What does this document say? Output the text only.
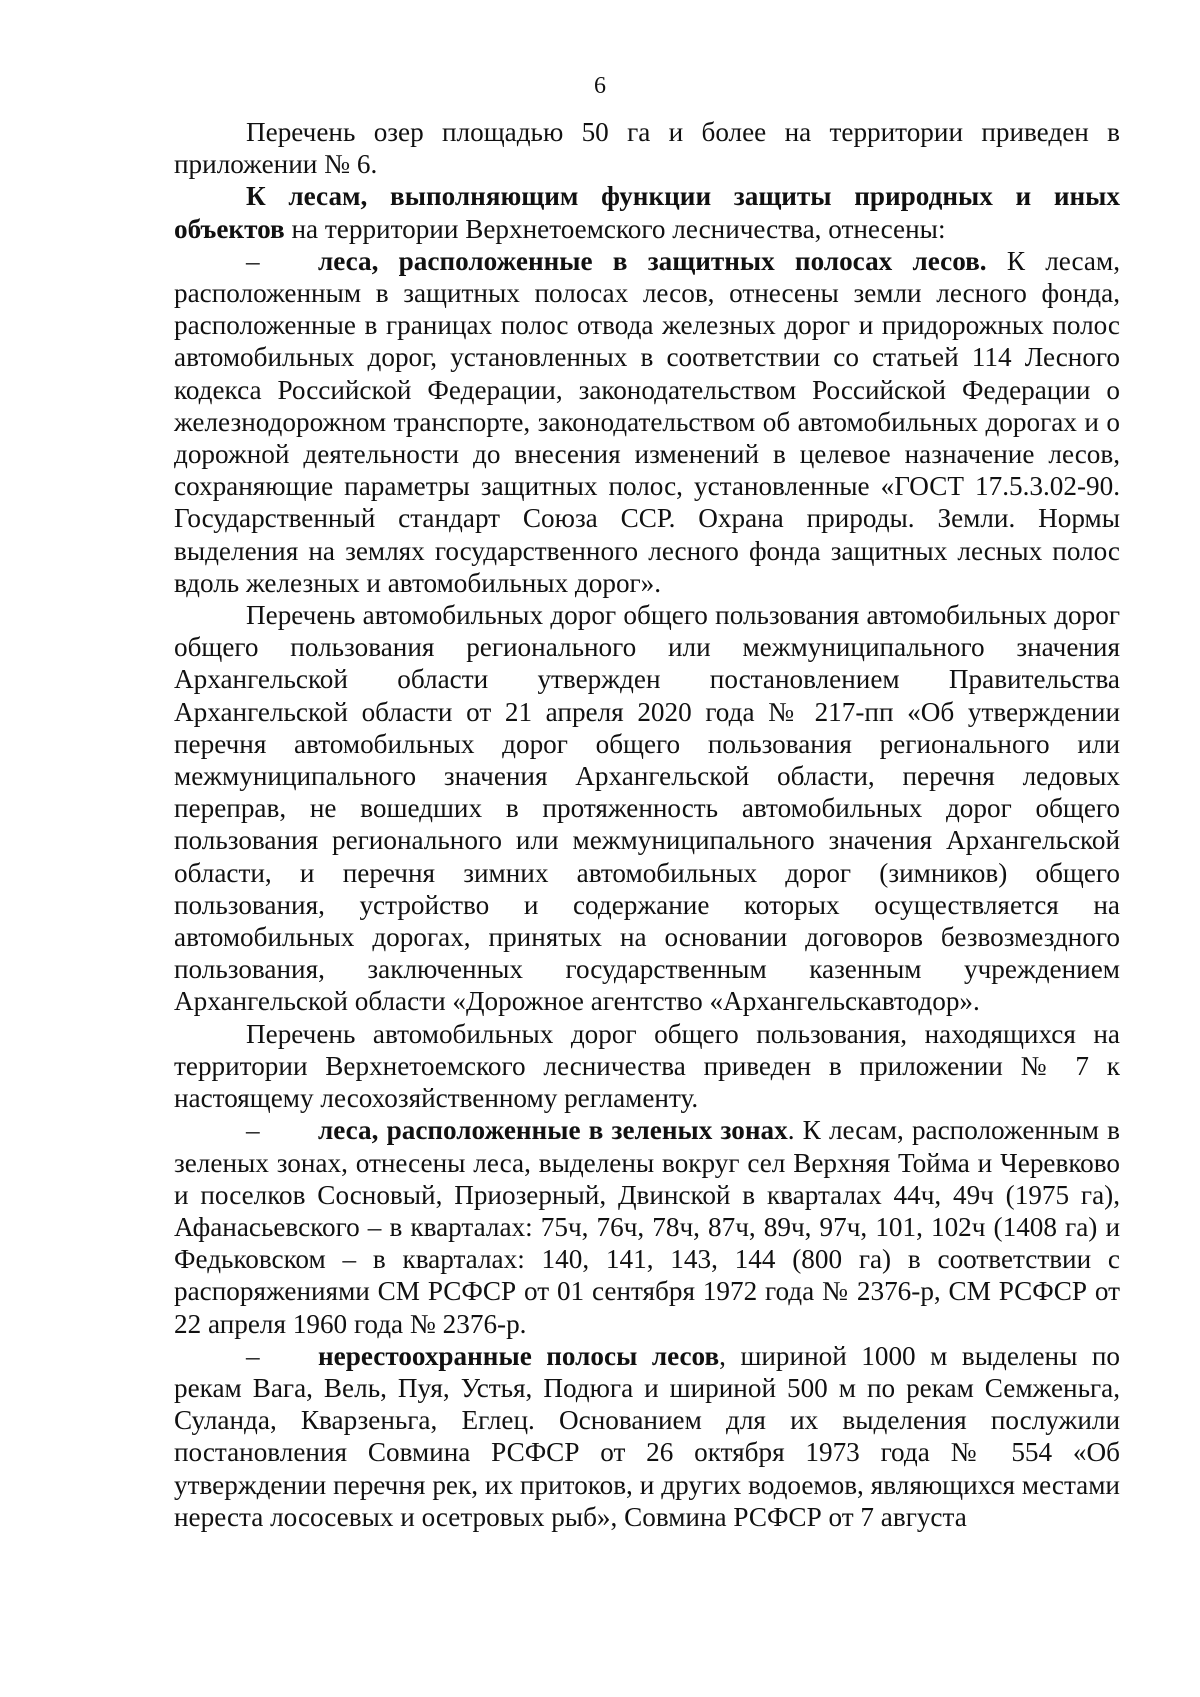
6

Перечень озер площадью 50 га и более на территории приведен в приложении № 6.

К лесам, выполняющим функции защиты природных и иных объектов на территории Верхнетоемского лесничества, отнесены:

– леса, расположенные в защитных полосах лесов. К лесам, расположенным в защитных полосах лесов, отнесены земли лесного фонда, расположенные в границах полос отвода железных дорог и придорожных полос автомобильных дорог, установленных в соответствии со статьей 114 Лесного кодекса Российской Федерации, законодательством Российской Федерации о железнодорожном транспорте, законодательством об автомобильных дорогах и о дорожной деятельности до внесения изменений в целевое назначение лесов, сохраняющие параметры защитных полос, установленные «ГОСТ 17.5.3.02-90. Государственный стандарт Союза ССР. Охрана природы. Земли. Нормы выделения на землях государственного лесного фонда защитных лесных полос вдоль железных и автомобильных дорог».

Перечень автомобильных дорог общего пользования автомобильных дорог общего пользования регионального или межмуниципального значения Архангельской области утвержден постановлением Правительства Архангельской области от 21 апреля 2020 года № 217-пп «Об утверждении перечня автомобильных дорог общего пользования регионального или межмуниципального значения Архангельской области, перечня ледовых переправ, не вошедших в протяженность автомобильных дорог общего пользования регионального или межмуниципального значения Архангельской области, и перечня зимних автомобильных дорог (зимников) общего пользования, устройство и содержание которых осуществляется на автомобильных дорогах, принятых на основании договоров безвозмездного пользования, заключенных государственным казенным учреждением Архангельской области «Дорожное агентство «Архангельскавтодор».

Перечень автомобильных дорог общего пользования, находящихся на территории Верхнетоемского лесничества приведен в приложении № 7 к настоящему лесохозяйственному регламенту.

– леса, расположенные в зеленых зонах. К лесам, расположенным в зеленых зонах, отнесены леса, выделены вокруг сел Верхняя Тойма и Черевково и поселков Сосновый, Приозерный, Двинской в кварталах 44ч, 49ч (1975 га), Афанасьевского – в кварталах: 75ч, 76ч, 78ч, 87ч, 89ч, 97ч, 101, 102ч (1408 га) и Федьковском – в кварталах: 140, 141, 143, 144 (800 га) в соответствии с распоряжениями СМ РСФСР от 01 сентября 1972 года № 2376-р, СМ РСФСР от 22 апреля 1960 года № 2376-р.

– нерестоохранные полосы лесов, шириной 1000 м выделены по рекам Вага, Вель, Пуя, Устья, Подюга и шириной 500 м по рекам Семженьга, Суланда, Кварзеньга, Еглец. Основанием для их выделения послужили постановления Совмина РСФСР от 26 октября 1973 года № 554 «Об утверждении перечня рек, их притоков, и других водоемов, являющихся местами нереста лососевых и осетровых рыб», Совмина РСФСР от 7 августа
